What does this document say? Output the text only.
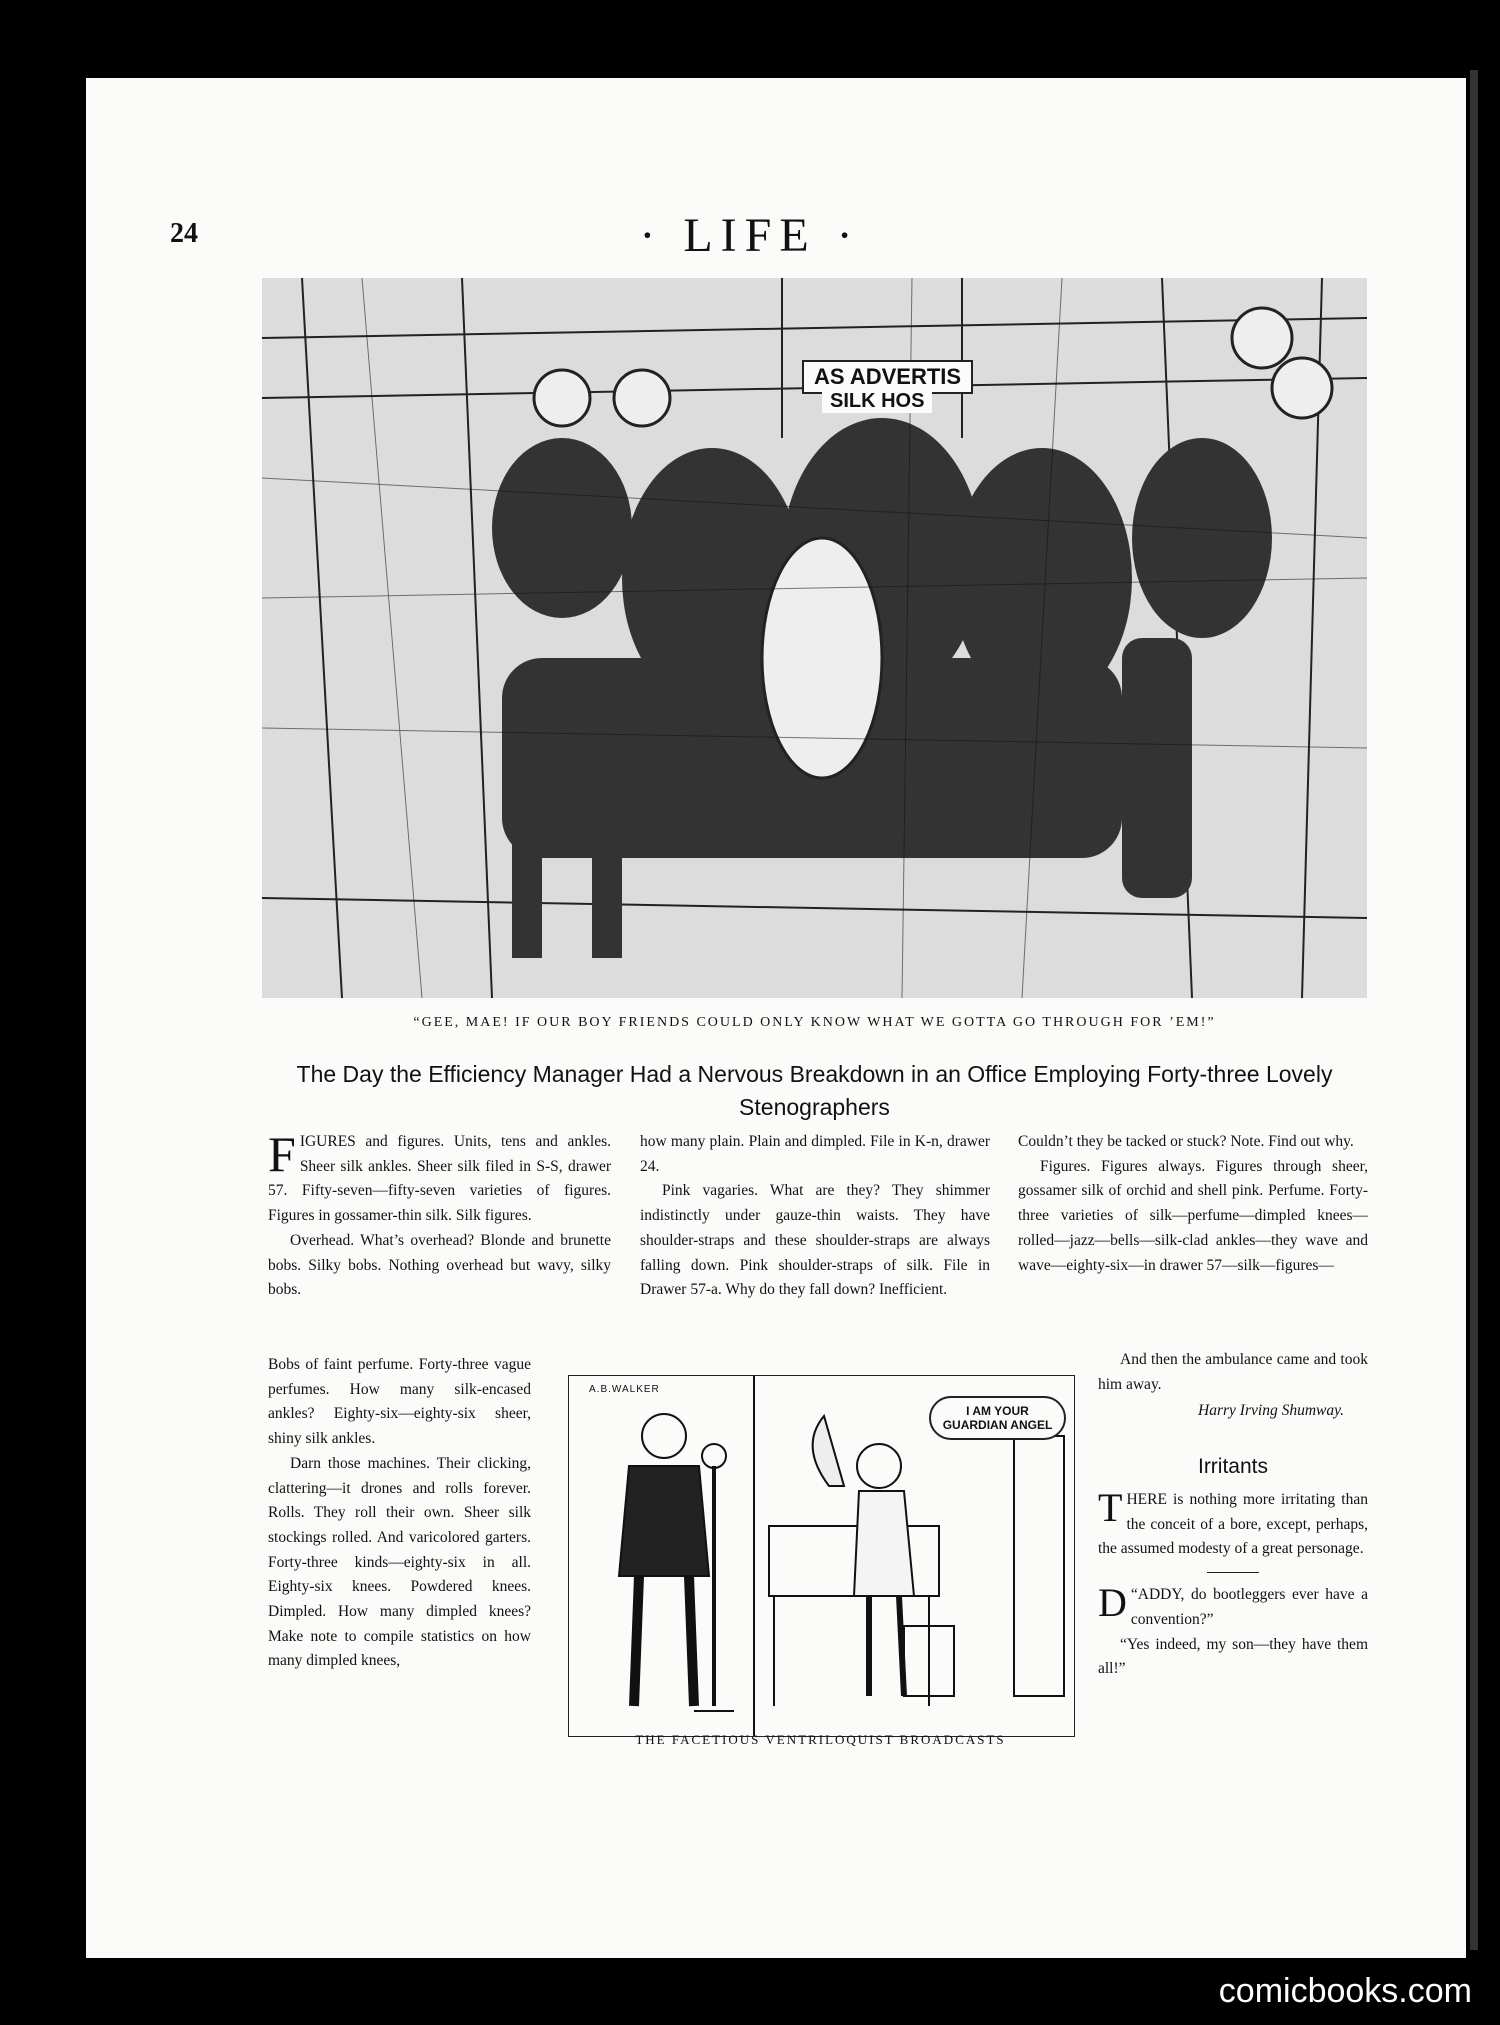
24	· LIFE ·
AS ADVERTIS
SILK HOS
“GEE, MAE! IF OUR BOY FRIENDS COULD ONLY KNOW WHAT WE GOTTA GO THROUGH FOR ’EM!”
The Day the Efficiency Manager Had a Nervous Breakdown in an Office Employing Forty-three Lovely Stenographers

FIGURES and figures. Units, tens and ankles. Sheer silk ankles. Sheer silk filed in S-S, drawer 57. Fifty-seven—fifty-seven varieties of figures. Figures in gossamer-thin silk. Silk figures.

Overhead. What’s overhead? Blonde and brunette bobs. Silky bobs. Nothing overhead but wavy, silky bobs.

Bobs of faint perfume. Forty-three vague perfumes. How many silk-encased ankles? Eighty-six—eighty-six sheer, shiny silk ankles.

Darn those machines. Their clicking, clattering—it drones and rolls forever. Rolls. They roll their own. Sheer silk stockings rolled. And varicolored garters. Forty-three kinds—eighty-six in all. Eighty-six knees. Powdered knees. Dimpled. How many dimpled knees? Make note to compile statistics on how many dimpled knees,

how many plain. Plain and dimpled. File in K-n, drawer 24.

Pink vagaries. What are they? They shimmer indistinctly under gauze-thin waists. They have shoulder-straps and these shoulder-straps are always falling down. Pink shoulder-straps of silk. File in Drawer 57-a. Why do they fall down? Inefficient.

Couldn’t they be tacked or stuck? Note. Find out why.

Figures. Figures always. Figures through sheer, gossamer silk of orchid and shell pink. Perfume. Forty-three varieties of silk—perfume—dimpled knees—rolled—jazz—bells—silk-clad ankles—they wave and wave—eighty-six—in drawer 57—silk—figures—

And then the ambulance came and took him away.

Harry Irving Shumway.
A.B.WALKER
I AM YOUR GUARDIAN ANGEL
THE FACETIOUS VENTRILOQUIST BROADCASTS
Irritants

THERE is nothing more irritating than the conceit of a bore, except, perhaps, the assumed modesty of a great personage.

“
D ADDY, do bootleggers ever have a convention?”

“Yes indeed, my son—they have them all!”

comicbooks.com
